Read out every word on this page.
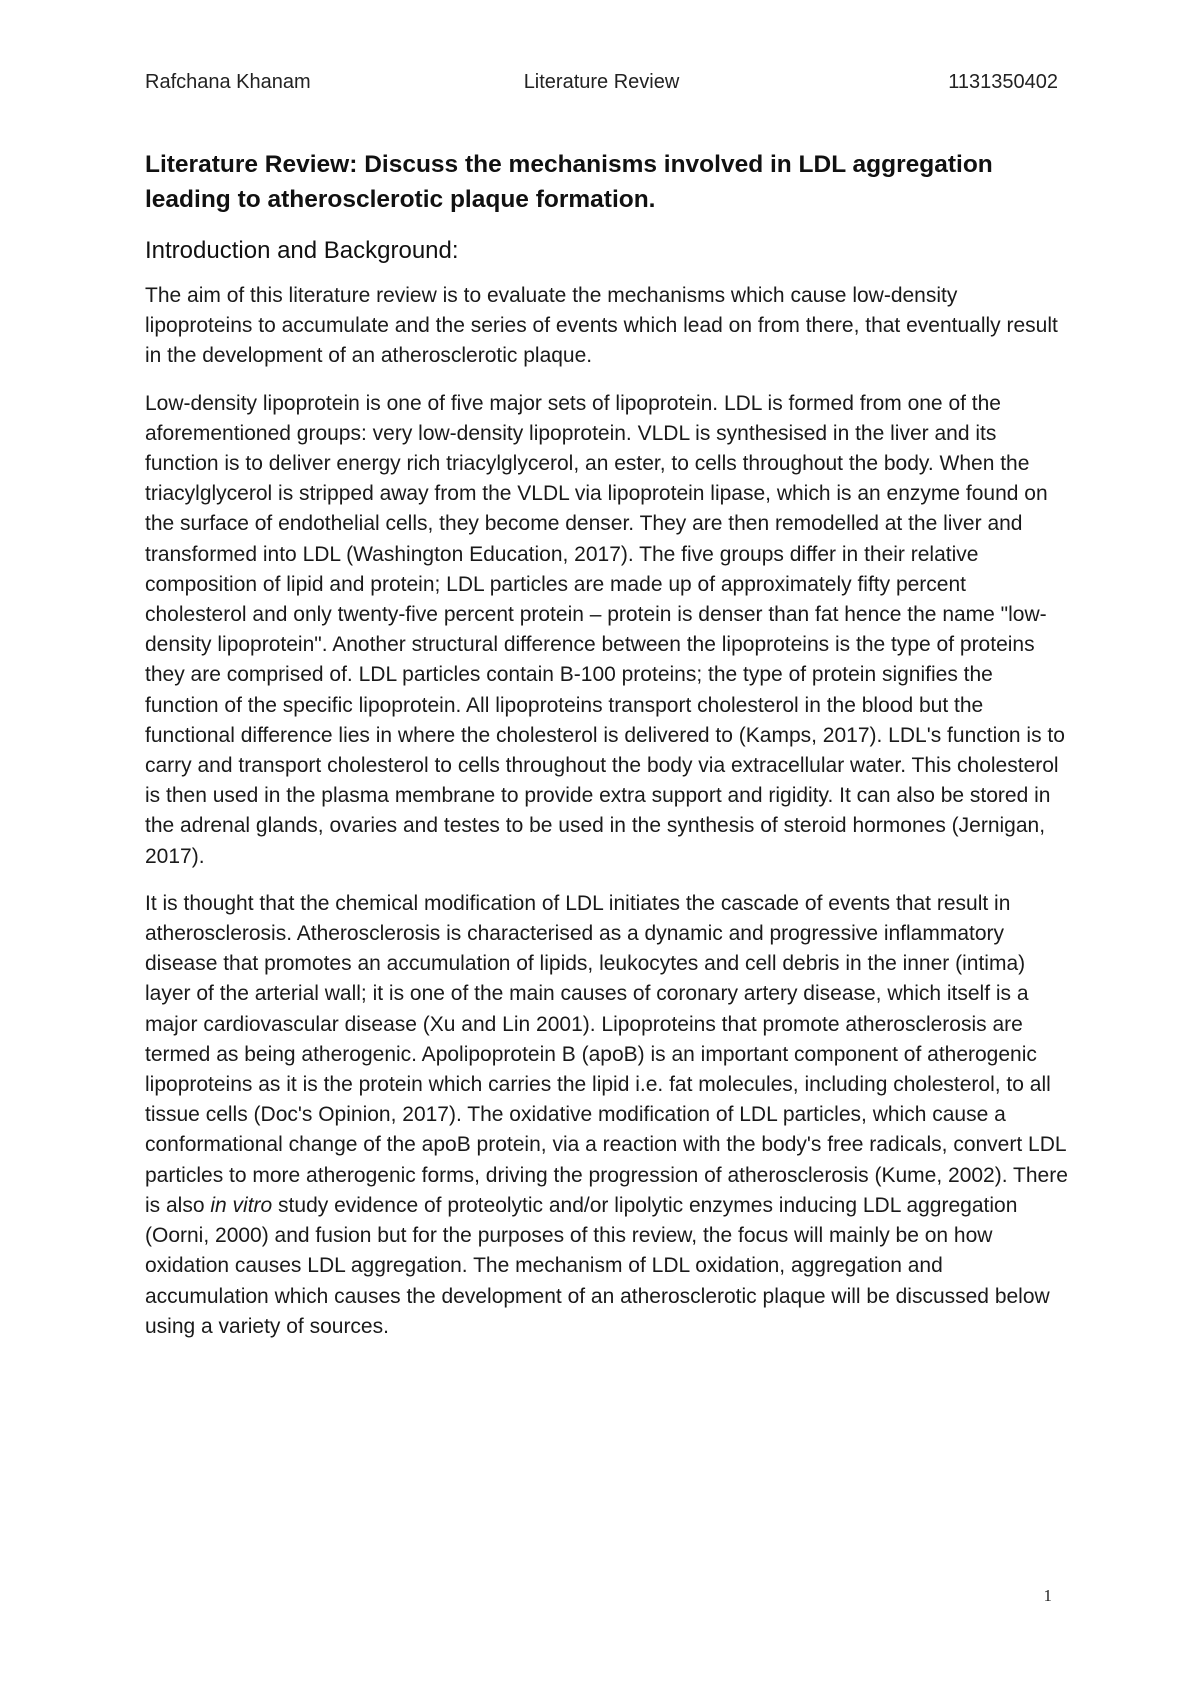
Rafchana Khanam	Literature Review	1131350402
Literature Review: Discuss the mechanisms involved in LDL aggregation leading to atherosclerotic plaque formation.
Introduction and Background:

The aim of this literature review is to evaluate the mechanisms which cause low-density lipoproteins to accumulate and the series of events which lead on from there, that eventually result in the development of an atherosclerotic plaque.

Low-density lipoprotein is one of five major sets of lipoprotein. LDL is formed from one of the aforementioned groups: very low-density lipoprotein. VLDL is synthesised in the liver and its function is to deliver energy rich triacylglycerol, an ester, to cells throughout the body. When the triacylglycerol is stripped away from the VLDL via lipoprotein lipase, which is an enzyme found on the surface of endothelial cells, they become denser. They are then remodelled at the liver and transformed into LDL (Washington Education, 2017). The five groups differ in their relative composition of lipid and protein; LDL particles are made up of approximately fifty percent cholesterol and only twenty-five percent protein – protein is denser than fat hence the name "low-density lipoprotein". Another structural difference between the lipoproteins is the type of proteins they are comprised of. LDL particles contain B-100 proteins; the type of protein signifies the function of the specific lipoprotein. All lipoproteins transport cholesterol in the blood but the functional difference lies in where the cholesterol is delivered to (Kamps, 2017). LDL's function is to carry and transport cholesterol to cells throughout the body via extracellular water. This cholesterol is then used in the plasma membrane to provide extra support and rigidity. It can also be stored in the adrenal glands, ovaries and testes to be used in the synthesis of steroid hormones (Jernigan, 2017).

It is thought that the chemical modification of LDL initiates the cascade of events that result in atherosclerosis. Atherosclerosis is characterised as a dynamic and progressive inflammatory disease that promotes an accumulation of lipids, leukocytes and cell debris in the inner (intima) layer of the arterial wall; it is one of the main causes of coronary artery disease, which itself is a major cardiovascular disease (Xu and Lin 2001). Lipoproteins that promote atherosclerosis are termed as being atherogenic. Apolipoprotein B (apoB) is an important component of atherogenic lipoproteins as it is the protein which carries the lipid i.e. fat molecules, including cholesterol, to all tissue cells (Doc's Opinion, 2017). The oxidative modification of LDL particles, which cause a conformational change of the apoB protein, via a reaction with the body's free radicals, convert LDL particles to more atherogenic forms, driving the progression of atherosclerosis (Kume, 2002). There is also in vitro study evidence of proteolytic and/or lipolytic enzymes inducing LDL aggregation (Oorni, 2000) and fusion but for the purposes of this review, the focus will mainly be on how oxidation causes LDL aggregation. The mechanism of LDL oxidation, aggregation and accumulation which causes the development of an atherosclerotic plaque will be discussed below using a variety of sources.

1
